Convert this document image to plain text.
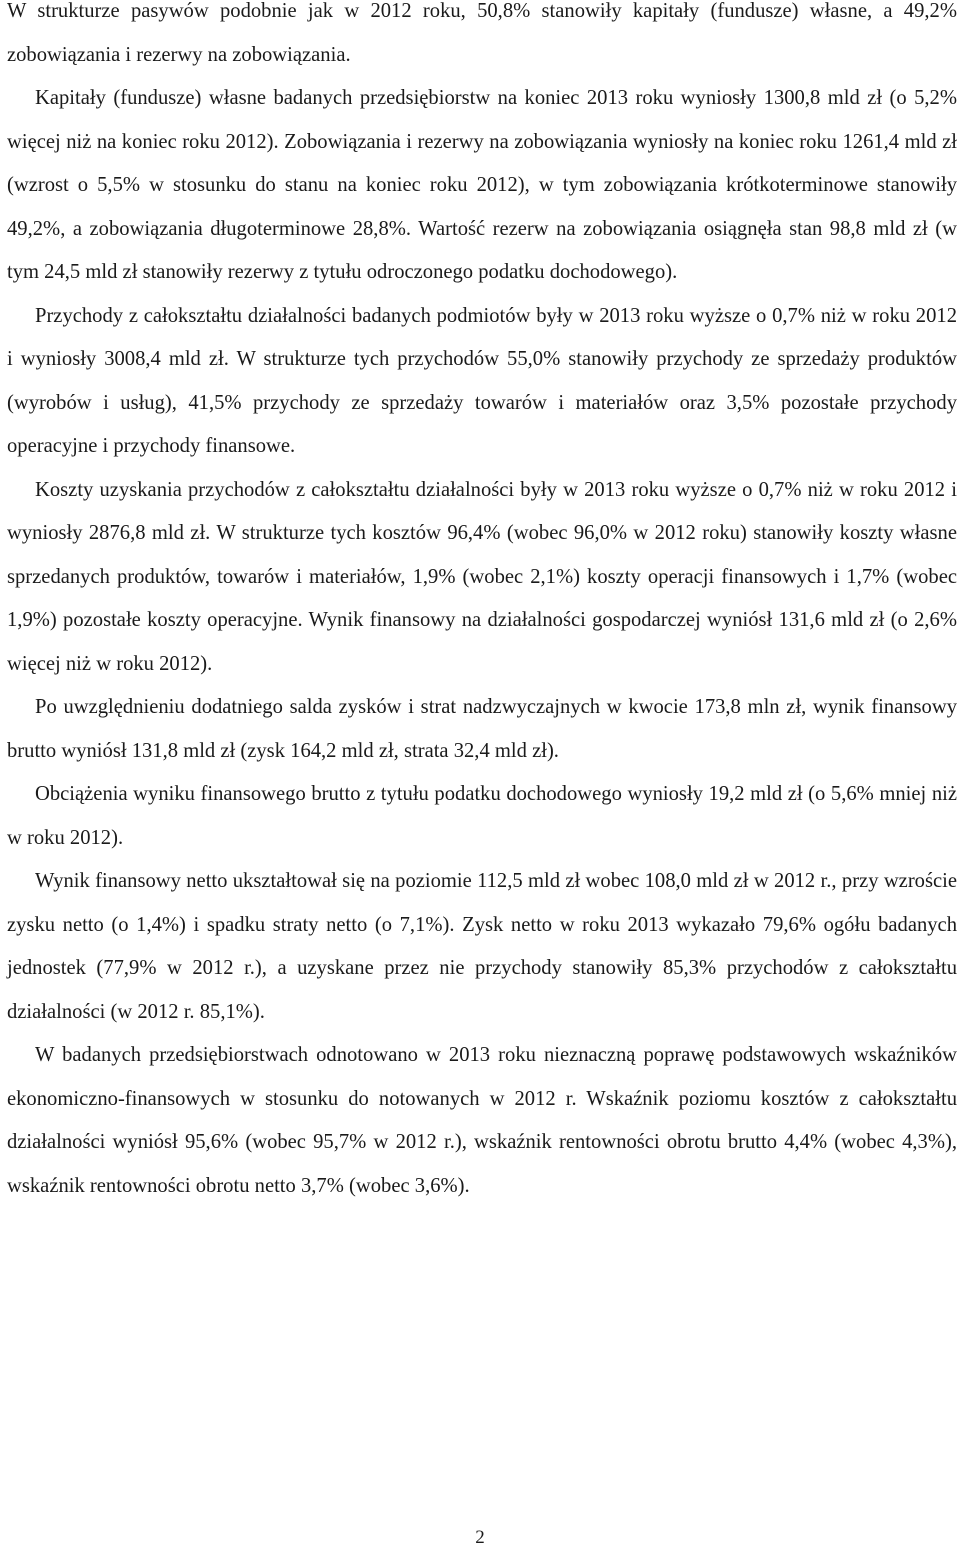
W strukturze pasywów podobnie jak w 2012 roku, 50,8% stanowiły kapitały (fundusze) własne, a 49,2% zobowiązania i rezerwy na zobowiązania.

Kapitały (fundusze) własne badanych przedsiębiorstw na koniec 2013 roku wyniosły 1300,8 mld zł (o 5,2% więcej niż na koniec roku 2012). Zobowiązania i rezerwy na zobowiązania wyniosły na koniec roku 1261,4 mld zł (wzrost o 5,5% w stosunku do stanu na koniec roku 2012), w tym zobowiązania krótkoterminowe stanowiły 49,2%, a zobowiązania długoterminowe 28,8%. Wartość rezerw na zobowiązania osiągnęła stan 98,8 mld zł (w tym 24,5 mld zł stanowiły rezerwy z tytułu odroczonego podatku dochodowego).

Przychody z całokształtu działalności badanych podmiotów były w 2013 roku wyższe o 0,7% niż w roku 2012 i wyniosły 3008,4 mld zł. W strukturze tych przychodów 55,0% stanowiły przychody ze sprzedaży produktów (wyrobów i usług), 41,5% przychody ze sprzedaży towarów i materiałów oraz 3,5% pozostałe przychody operacyjne i przychody finansowe.

Koszty uzyskania przychodów z całokształtu działalności były w 2013 roku wyższe o 0,7% niż w roku 2012 i wyniosły 2876,8 mld zł. W strukturze tych kosztów 96,4% (wobec 96,0% w 2012 roku) stanowiły koszty własne sprzedanych produktów, towarów i materiałów, 1,9% (wobec 2,1%) koszty operacji finansowych i 1,7% (wobec 1,9%) pozostałe koszty operacyjne. Wynik finansowy na działalności gospodarczej wyniósł 131,6 mld zł (o 2,6% więcej niż w roku 2012).

Po uwzględnieniu dodatniego salda zysków i strat nadzwyczajnych w kwocie 173,8 mln zł, wynik finansowy brutto wyniósł 131,8 mld zł (zysk 164,2 mld zł, strata 32,4 mld zł).

Obciążenia wyniku finansowego brutto z tytułu podatku dochodowego wyniosły 19,2 mld zł (o 5,6% mniej niż w roku 2012).

Wynik finansowy netto ukształtował się na poziomie 112,5 mld zł wobec 108,0 mld zł w 2012 r., przy wzroście zysku netto (o 1,4%) i spadku straty netto (o 7,1%). Zysk netto w roku 2013 wykazało 79,6% ogółu badanych jednostek (77,9% w 2012 r.), a uzyskane przez nie przychody stanowiły 85,3% przychodów z całokształtu działalności (w 2012 r. 85,1%).

W badanych przedsiębiorstwach odnotowano w 2013 roku nieznaczną poprawę podstawowych wskaźników ekonomiczno-finansowych w stosunku do notowanych w 2012 r. Wskaźnik poziomu kosztów z całokształtu działalności wyniósł 95,6% (wobec 95,7% w 2012 r.), wskaźnik rentowności obrotu brutto 4,4% (wobec 4,3%), wskaźnik rentowności obrotu netto 3,7% (wobec 3,6%).

2
